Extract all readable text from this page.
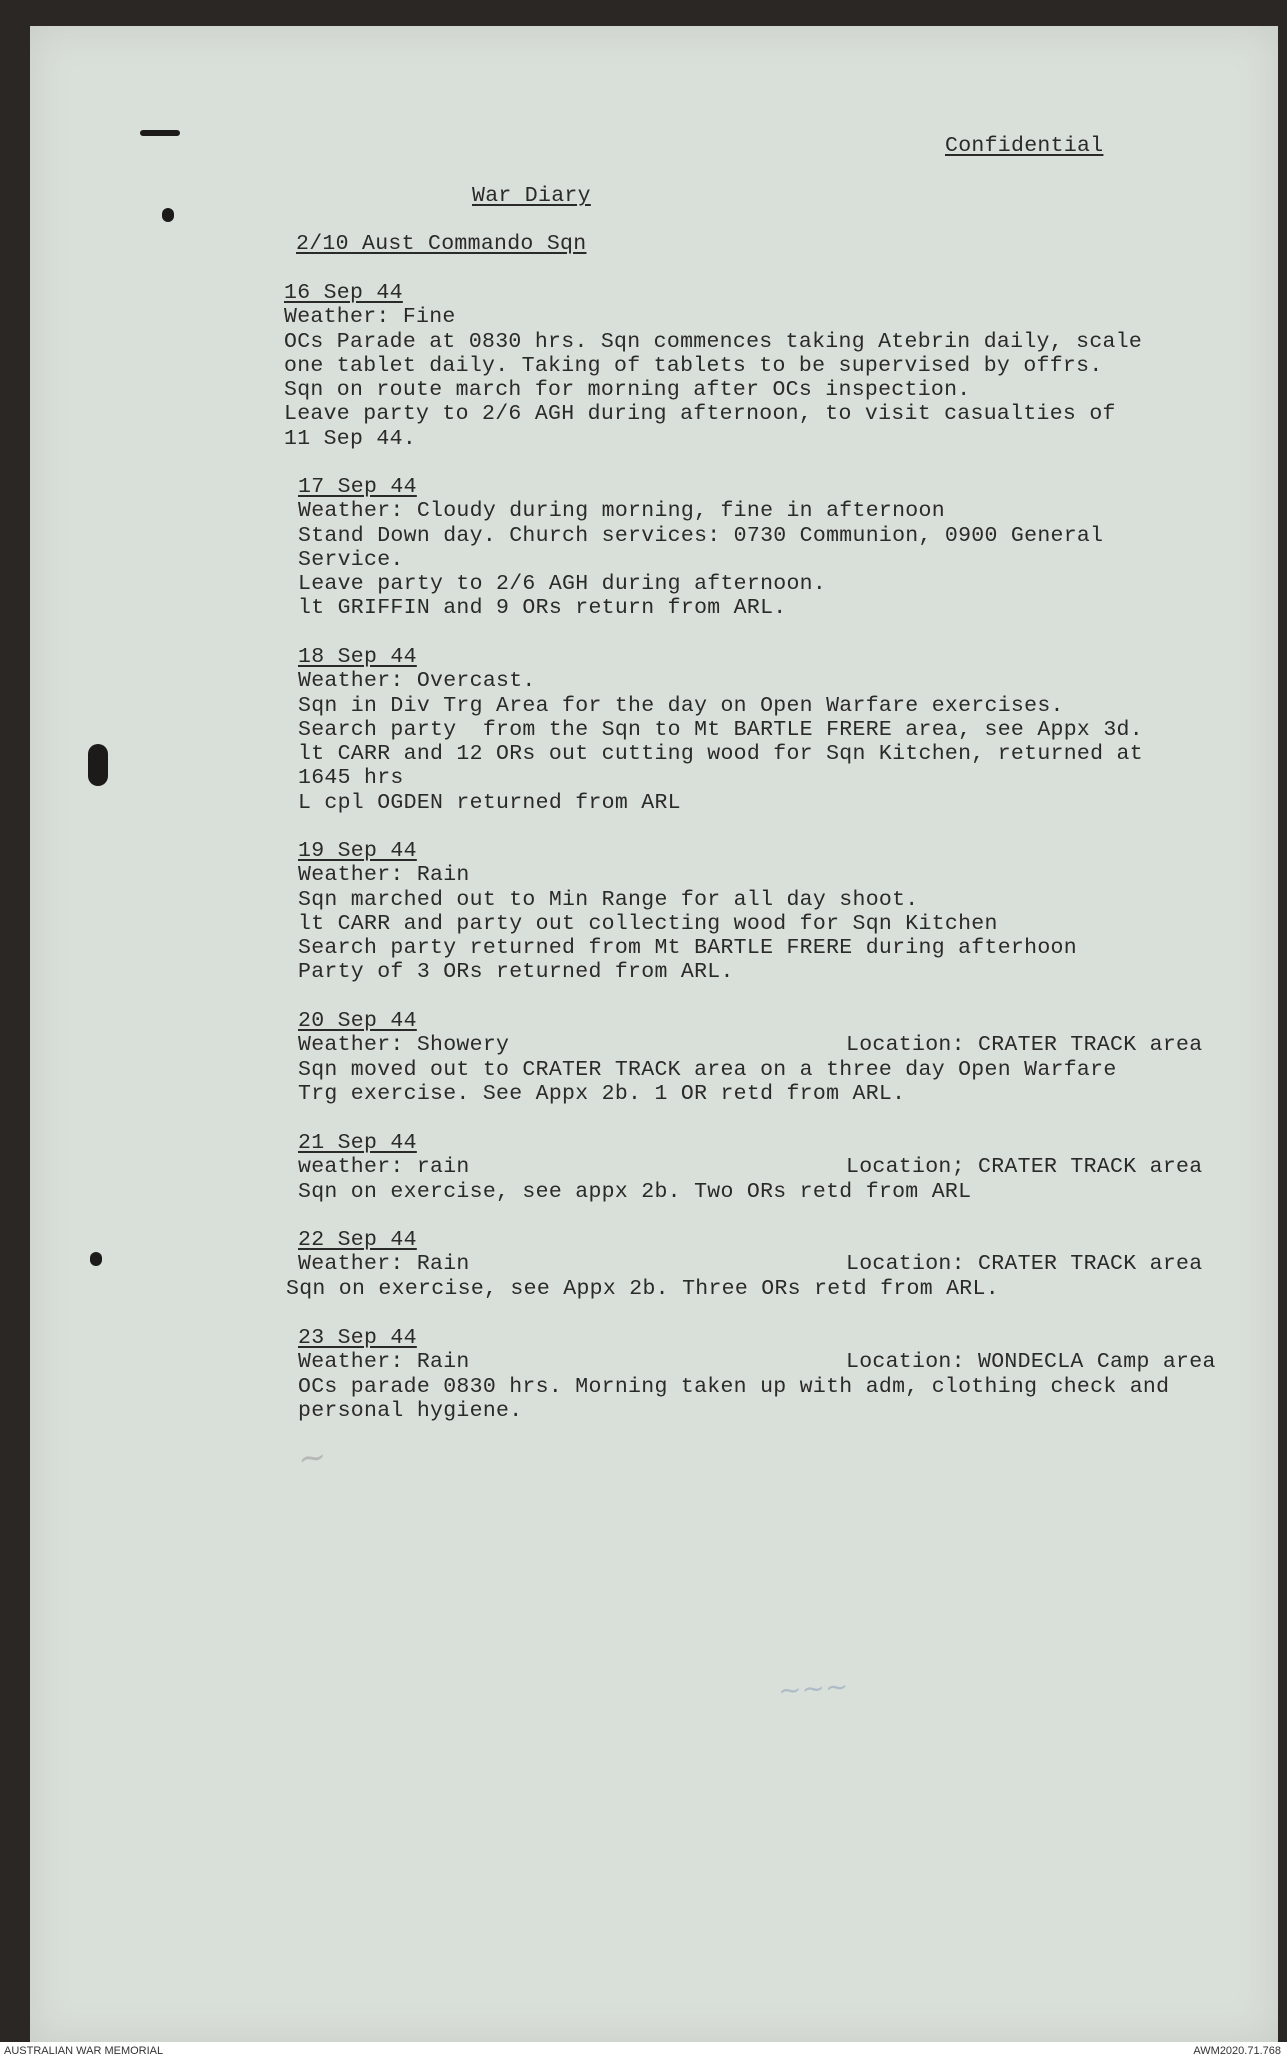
Confidential
War Diary
2/10 Aust Commando Sqn
16 Sep 44
Weather: Fine
OCs Parade at 0830 hrs. Sqn commences taking Atebrin daily, scale
one tablet daily. Taking of tablets to be supervised by offrs.
Sqn on route march for morning after OCs inspection.
Leave party to 2/6 AGH during afternoon, to visit casualties of
11 Sep 44.
17 Sep 44
Weather: Cloudy during morning, fine in afternoon
Stand Down day. Church services: 0730 Communion, 0900 General
Service.
Leave party to 2/6 AGH during afternoon.
lt GRIFFIN and 9 ORs return from ARL.
18 Sep 44
Weather: Overcast.
Sqn in Div Trg Area for the day on Open Warfare exercises.
Search party  from the Sqn to Mt BARTLE FRERE area, see Appx 3d.
lt CARR and 12 ORs out cutting wood for Sqn Kitchen, returned at
1645 hrs
L cpl OGDEN returned from ARL
19 Sep 44
Weather: Rain
Sqn marched out to Min Range for all day shoot.
lt CARR and party out collecting wood for Sqn Kitchen
Search party returned from Mt BARTLE FRERE during afterhoon
Party of 3 ORs returned from ARL.
20 Sep 44
Weather: Showery	Location: CRATER TRACK area
Sqn moved out to CRATER TRACK area on a three day Open Warfare
Trg exercise. See Appx 2b. 1 OR retd from ARL.
21 Sep 44
weather: rain	Location; CRATER TRACK area
Sqn on exercise, see appx 2b. Two ORs retd from ARL
22 Sep 44
Weather: Rain	Location: CRATER TRACK area
Sqn on exercise, see Appx 2b. Three ORs retd from ARL.
23 Sep 44
Weather: Rain	Location: WONDECLA Camp area
OCs parade 0830 hrs. Morning taken up with adm, clothing check and
personal hygiene.
~
~~~
AUSTRALIAN WAR MEMORIAL	AWM2020.71.768
